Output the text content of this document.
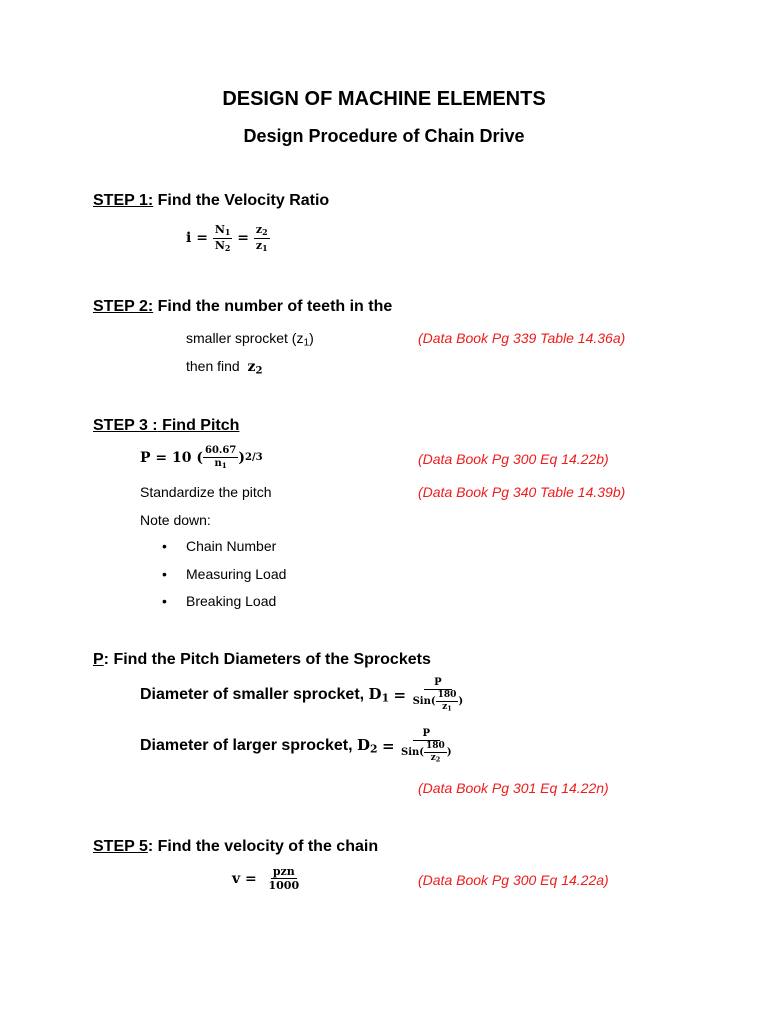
DESIGN OF MACHINE ELEMENTS
Design Procedure of Chain Drive
STEP 1: Find the Velocity Ratio
i =
$\frac{N_1}{N_2}$
=
$\frac{z_2}{z_1}$
STEP 2: Find the number of teeth in the
smaller sprocket $(z_1)$	(Data Book Pg 339 Table 14.36a)
then find $z_2$
STEP 3 : Find Pitch
P
= 10 ( $\frac{60.67}{n_1}$ ) 2/3	(Data Book Pg 300 Eq 14.22b)
Standardize the pitch	(Data Book Pg 340 Table 14.39b)
Note down:
• Chain Number
• Measuring Load
• Breaking Load
P: Find the Pitch Diameters of the Sprockets
Diameter of smaller sprocket,
$D_1$
=
$\frac{P}{Sin( \frac{180}{z_1} )}$
Diameter of larger sprocket,
$D_2$
=
$\frac{P}{Sin( \frac{180}{z_2} )}$
(Data Book Pg 301 Eq 14.22n)
STEP 5: Find the velocity of the chain
v =
$\frac{\text{pzn}}{1000}$	(Data Book Pg 300 Eq 14.22a)
